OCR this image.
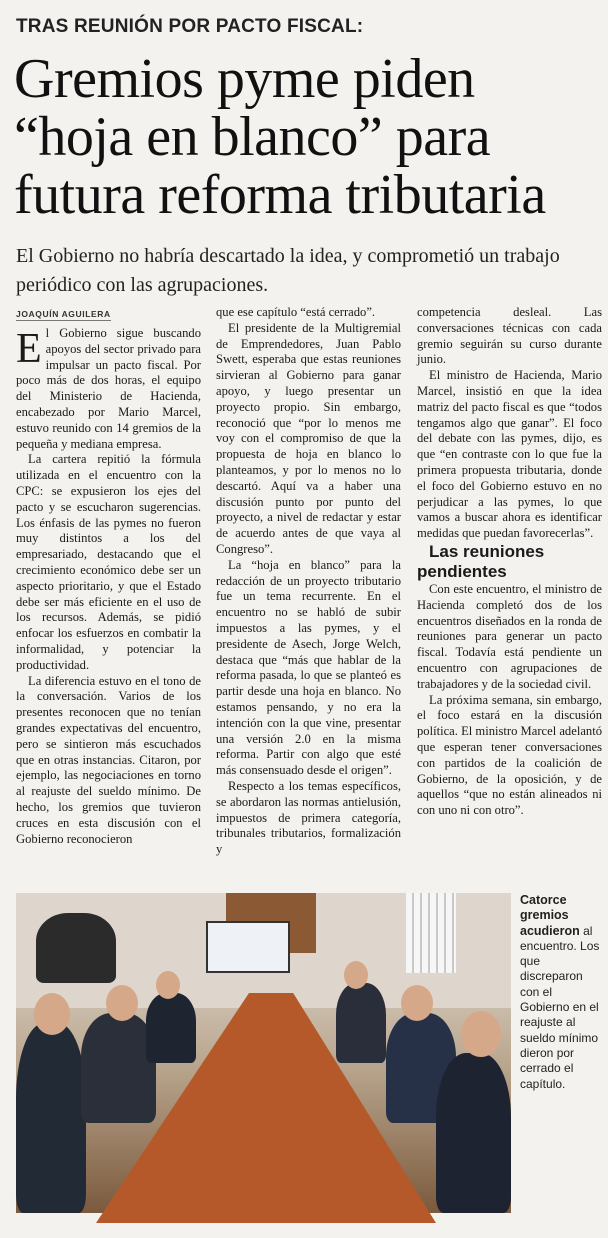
TRAS REUNIÓN POR PACTO FISCAL:
Gremios pyme piden
“hoja en blanco” para
futura reforma tributaria
El Gobierno no habría descartado la idea, y comprometió un trabajo periódico con las agrupaciones.
JOAQUÍN AGUILERA

El Gobierno sigue buscando apoyos del sector privado para impulsar un pacto fiscal. Por poco más de dos horas, el equipo del Ministerio de Hacienda, encabezado por Mario Marcel, estuvo reunido con 14 gremios de la pequeña y mediana empresa.

La cartera repitió la fórmula utilizada en el encuentro con la CPC: se expusieron los ejes del pacto y se escucharon sugerencias. Los énfasis de las pymes no fueron muy distintos a los del empresariado, destacando que el crecimiento económico debe ser un aspecto prioritario, y que el Estado debe ser más eficiente en el uso de los recursos. Además, se pidió enfocar los esfuerzos en combatir la informalidad, y potenciar la productividad.

La diferencia estuvo en el tono de la conversación. Varios de los presentes reconocen que no tenían grandes expectativas del encuentro, pero se sintieron más escuchados que en otras instancias. Citaron, por ejemplo, las negociaciones en torno al reajuste del sueldo mínimo. De hecho, los gremios que tuvieron cruces en esta discusión con el Gobierno reconocieron

que ese capítulo “está cerrado”.

El presidente de la Multigremial de Emprendedores, Juan Pablo Swett, esperaba que estas reuniones sirvieran al Gobierno para ganar apoyo, y luego presentar un proyecto propio. Sin embargo, reconoció que “por lo menos me voy con el compromiso de que la propuesta de hoja en blanco lo planteamos, y por lo menos no lo descartó. Aquí va a haber una discusión punto por punto del proyecto, a nivel de redactar y estar de acuerdo antes de que vaya al Congreso”.

La “hoja en blanco” para la redacción de un proyecto tributario fue un tema recurrente. En el encuentro no se habló de subir impuestos a las pymes, y el presidente de Asech, Jorge Welch, destaca que “más que hablar de la reforma pasada, lo que se planteó es partir desde una hoja en blanco. No estamos pensando, y no era la intención con la que vine, presentar una versión 2.0 en la misma reforma. Partir con algo que esté más consensuado desde el origen”.

Respecto a los temas específicos, se abordaron las normas antielusión, impuestos de primera categoría, tribunales tributarios, formalización y

competencia desleal. Las conversaciones técnicas con cada gremio seguirán su curso durante junio.

El ministro de Hacienda, Mario Marcel, insistió en que la idea matriz del pacto fiscal es que “todos tengamos algo que ganar”. El foco del debate con las pymes, dijo, es que “en contraste con lo que fue la primera propuesta tributaria, donde el foco del Gobierno estuvo en no perjudicar a las pymes, lo que vamos a buscar ahora es identificar medidas que puedan favorecerlas”.

Las reuniones pendientes

Con este encuentro, el ministro de Hacienda completó dos de los encuentros diseñados en la ronda de reuniones para generar un pacto fiscal. Todavía está pendiente un encuentro con agrupaciones de trabajadores y de la sociedad civil.

La próxima semana, sin embargo, el foco estará en la discusión política. El ministro Marcel adelantó que esperan tener conversaciones con partidos de la coalición de Gobierno, de la oposición, y de aquellos “que no están alineados ni con uno ni con otro”.

ATON
Catorce gremios acudieron al encuentro. Los que discreparon con el Gobierno en el reajuste al sueldo mínimo dieron por cerrado el capítulo.
